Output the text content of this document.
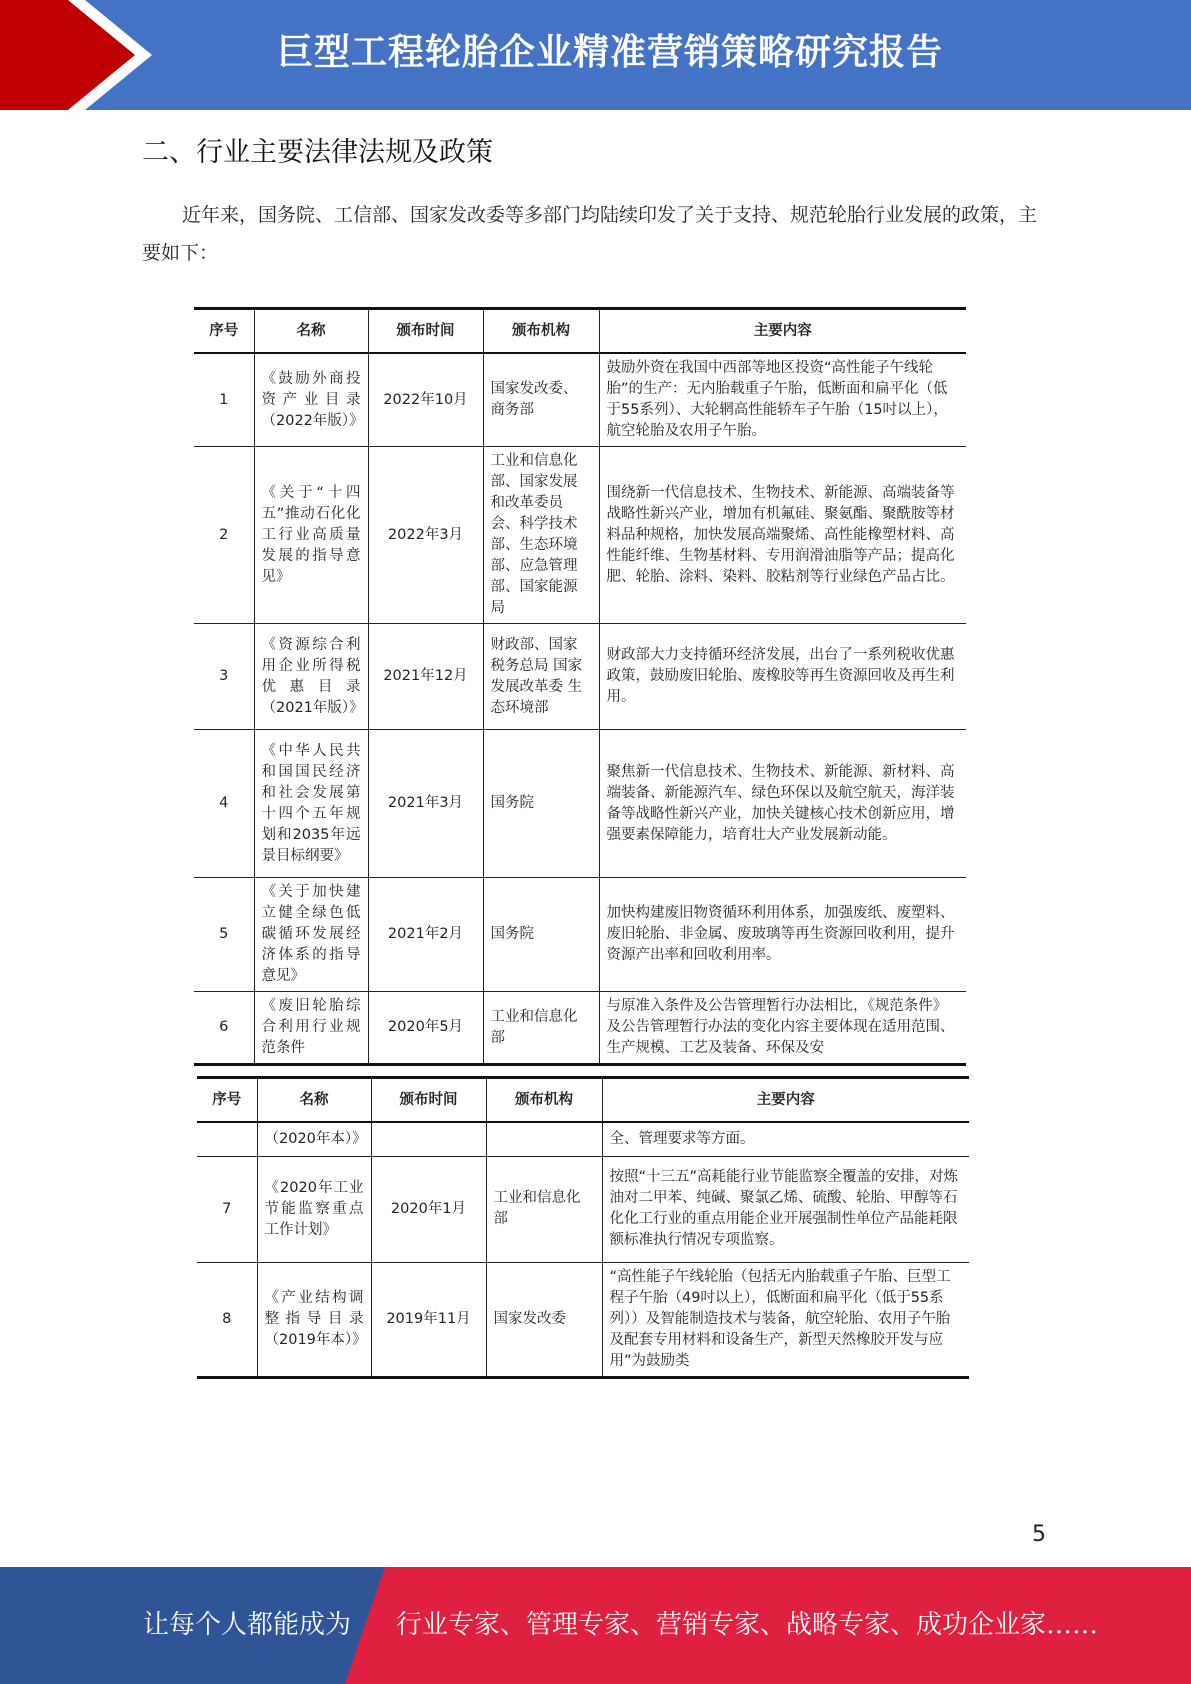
巨型工程轮胎企业精准营销策略研究报告
二、行业主要法律法规及政策
近年来，国务院、工信部、国家发改委等多部门均陆续印发了关于支持、规范轮胎行业发展的政策，主要如下：
序号	名称	颁布时间	颁布机构	主要内容
1	《鼓励外商投资产业目录（2022年版）》	2022年10月	国家发改委、商务部	鼓励外资在我国中西部等地区投资“高性能子午线轮胎”的生产：无内胎载重子午胎，低断面和扁平化（低于55系列）、大轮辋高性能轿车子午胎（15吋以上），航空轮胎及农用子午胎。
2	《关于“十四五”推动石化化工行业高质量发展的指导意见》	2022年3月	工业和信息化部、国家发展和改革委员会、科学技术部、生态环境部、应急管理部、国家能源局	围绕新一代信息技术、生物技术、新能源、高端装备等战略性新兴产业，增加有机氟硅、聚氨酯、聚酰胺等材料品种规格，加快发展高端聚烯、高性能橡塑材料、高性能纤维、生物基材料、专用润滑油脂等产品；提高化肥、轮胎、涂料、染料、胶粘剂等行业绿色产品占比。
3	《资源综合利用企业所得税优惠目录（2021年版）》	2021年12月	财政部、国家税务总局 国家发展改革委 生态环境部	财政部大力支持循环经济发展，出台了一系列税收优惠政策，鼓励废旧轮胎、废橡胶等再生资源回收及再生利用。
4	《中华人民共和国国民经济和社会发展第十四个五年规划和2035年远景目标纲要》	2021年3月	国务院	聚焦新一代信息技术、生物技术、新能源、新材料、高端装备、新能源汽车、绿色环保以及航空航天，海洋装备等战略性新兴产业，加快关键核心技术创新应用，增强要素保障能力，培育壮大产业发展新动能。
5	《关于加快建立健全绿色低碳循环发展经济体系的指导意见》	2021年2月	国务院	加快构建废旧物资循环利用体系，加强废纸、废塑料、废旧轮胎、非金属、废玻璃等再生资源回收利用，提升资源产出率和回收利用率。
6	《废旧轮胎综合利用行业规范条件	2020年5月	工业和信息化部	与原准入条件及公告管理暂行办法相比，《规范条件》及公告管理暂行办法的变化内容主要体现在适用范围、生产规模、工艺及装备、环保及安
序号	名称	颁布时间	颁布机构	主要内容
	（2020年本）》			全、管理要求等方面。
7	《2020年工业节能监察重点工作计划》	2020年1月	工业和信息化部	按照“十三五”高耗能行业节能监察全覆盖的安排，对炼油对二甲苯、纯碱、聚氯乙烯、硫酸、轮胎、甲醇等石化化工行业的重点用能企业开展强制性单位产品能耗限额标准执行情况专项监察。
8	《产业结构调整指导目录（2019年本）》	2019年11月	国家发改委	“高性能子午线轮胎（包括无内胎载重子午胎、巨型工程子午胎（49吋以上），低断面和扁平化（低于55系列））及智能制造技术与装备，航空轮胎、农用子午胎及配套专用材料和设备生产，新型天然橡胶开发与应用”为鼓励类
5
让每个人都能成为 行业专家、管理专家、营销专家、战略专家、成功企业家……
